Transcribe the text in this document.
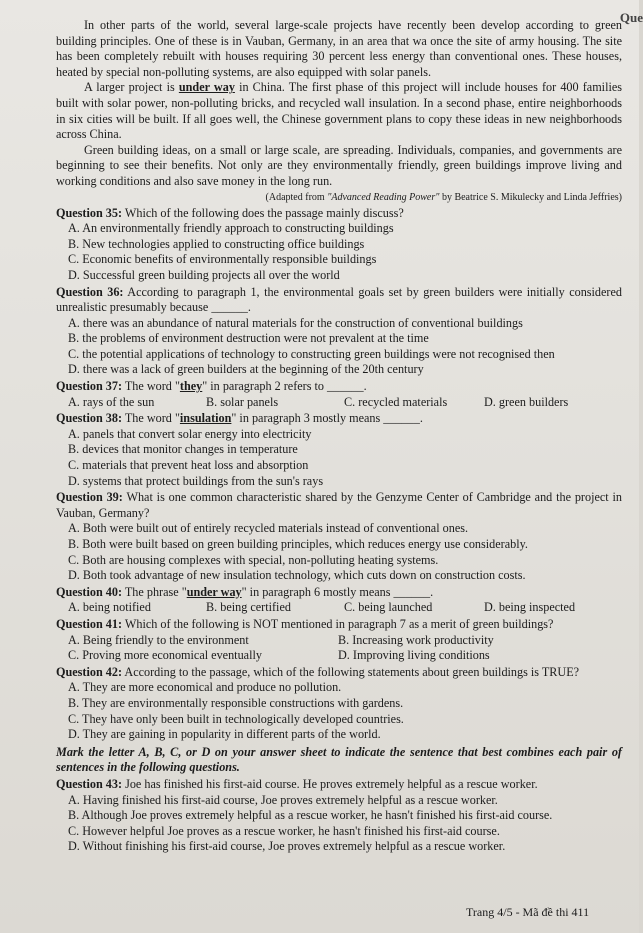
Que

In other parts of the world, several large-scale projects have recently been develop according to green building principles. One of these is in Vauban, Germany, in an area that wa once the site of army housing. The site has been completely rebuilt with houses requiring 30 percent less energy than conventional ones. These houses, heated by special non-polluting systems, are also equipped with solar panels.

A larger project is under way in China. The first phase of this project will include houses for 400 families built with solar power, non-polluting bricks, and recycled wall insulation. In a second phase, entire neighborhoods in six cities will be built. If all goes well, the Chinese government plans to copy these ideas in new neighborhoods across China.

Green building ideas, on a small or large scale, are spreading. Individuals, companies, and governments are beginning to see their benefits. Not only are they environmentally friendly, green buildings improve living and working conditions and also save money in the long run.

(Adapted from "Advanced Reading Power" by Beatrice S. Mikulecky and Linda Jeffries)

Question 35: Which of the following does the passage mainly discuss?

A. An environmentally friendly approach to constructing buildings
B. New technologies applied to constructing office buildings
C. Economic benefits of environmentally responsible buildings
D. Successful green building projects all over the world

Question 36: According to paragraph 1, the environmental goals set by green builders were initially considered unrealistic presumably because ______.

A. there was an abundance of natural materials for the construction of conventional buildings
B. the problems of environment destruction were not prevalent at the time
C. the potential applications of technology to constructing green buildings were not recognised then
D. there was a lack of green builders at the beginning of the 20th century

Question 37: The word "they" in paragraph 2 refers to ______.

A. rays of the sun	B. solar panels	C. recycled materials	D. green builders

Question 38: The word "insulation" in paragraph 3 mostly means ______.

A. panels that convert solar energy into electricity
B. devices that monitor changes in temperature
C. materials that prevent heat loss and absorption
D. systems that protect buildings from the sun's rays

Question 39: What is one common characteristic shared by the Genzyme Center of Cambridge and the project in Vauban, Germany?

A. Both were built out of entirely recycled materials instead of conventional ones.
B. Both were built based on green building principles, which reduces energy use considerably.
C. Both are housing complexes with special, non-polluting heating systems.
D. Both took advantage of new insulation technology, which cuts down on construction costs.

Question 40: The phrase "under way" in paragraph 6 mostly means ______.

A. being notified	B. being certified	C. being launched	D. being inspected

Question 41: Which of the following is NOT mentioned in paragraph 7 as a merit of green buildings?

A. Being friendly to the environment	B. Increasing work productivity
C. Proving more economical eventually	D. Improving living conditions

Question 42: According to the passage, which of the following statements about green buildings is TRUE?

A. They are more economical and produce no pollution.
B. They are environmentally responsible constructions with gardens.
C. They have only been built in technologically developed countries.
D. They are gaining in popularity in different parts of the world.

Mark the letter A, B, C, or D on your answer sheet to indicate the sentence that best combines each pair of sentences in the following questions.

Question 43: Joe has finished his first-aid course. He proves extremely helpful as a rescue worker.

A. Having finished his first-aid course, Joe proves extremely helpful as a rescue worker.
B. Although Joe proves extremely helpful as a rescue worker, he hasn't finished his first-aid course.
C. However helpful Joe proves as a rescue worker, he hasn't finished his first-aid course.
D. Without finishing his first-aid course, Joe proves extremely helpful as a rescue worker.
Trang 4/5 - Mã đề thi 411
